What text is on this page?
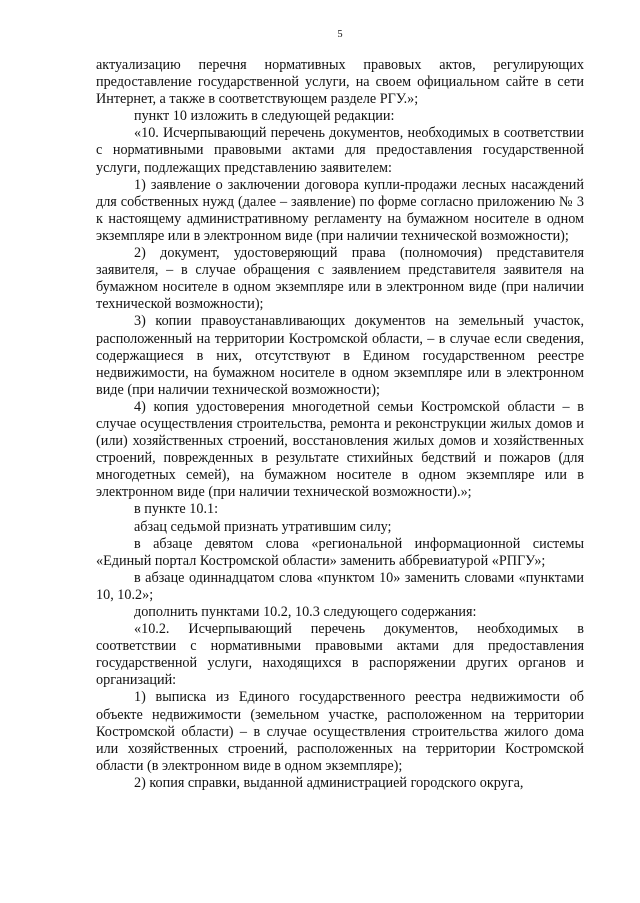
5

актуализацию перечня нормативных правовых актов, регулирующих предоставление государственной услуги, на своем официальном сайте в сети Интернет, а также в соответствующем разделе РГУ.»;

пункт 10 изложить в следующей редакции:

«10. Исчерпывающий перечень документов, необходимых в соответствии с нормативными правовыми актами для предоставления государственной услуги, подлежащих представлению заявителем:

1) заявление о заключении договора купли-продажи лесных насаждений для собственных нужд (далее – заявление) по форме согласно приложению № 3 к настоящему административному регламенту на бумажном носителе в одном экземпляре или в электронном виде (при наличии технической возможности);

2) документ, удостоверяющий права (полномочия) представителя заявителя, – в случае обращения с заявлением представителя заявителя на бумажном носителе в одном экземпляре или в электронном виде (при наличии технической возможности);

3) копии правоустанавливающих документов на земельный участок, расположенный на территории Костромской области, – в случае если сведения, содержащиеся в них, отсутствуют в Едином государственном реестре недвижимости, на бумажном носителе в одном экземпляре или в электронном виде (при наличии технической возможности);

4) копия удостоверения многодетной семьи Костромской области – в случае осуществления строительства, ремонта и реконструкции жилых домов и (или) хозяйственных строений, восстановления жилых домов и хозяйственных строений, поврежденных в результате стихийных бедствий и пожаров (для многодетных семей), на бумажном носителе в одном экземпляре или в электронном виде (при наличии технической возможности).»;

в пункте 10.1:

абзац седьмой признать утратившим силу;

в абзаце девятом слова «региональной информационной системы «Единый портал Костромской области» заменить аббревиатурой «РПГУ»;

в абзаце одиннадцатом слова «пунктом 10» заменить словами «пунктами 10, 10.2»;

дополнить пунктами 10.2, 10.3 следующего содержания:

«10.2. Исчерпывающий перечень документов, необходимых в соответствии с нормативными правовыми актами для предоставления государственной услуги, находящихся в распоряжении других органов и организаций:

1) выписка из Единого государственного реестра недвижимости об объекте недвижимости (земельном участке, расположенном на территории Костромской области) – в случае осуществления строительства жилого дома или хозяйственных строений, расположенных на территории Костромской области (в электронном виде в одном экземпляре);

2) копия справки, выданной администрацией городского округа,
